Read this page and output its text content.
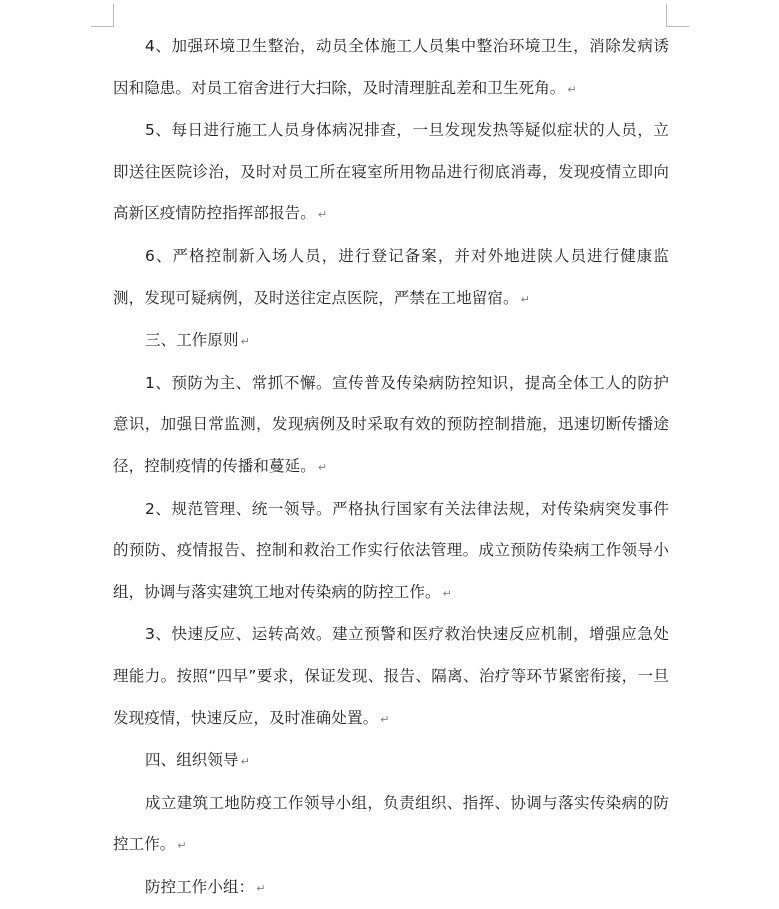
4、加强环境卫生整治，动员全体施工人员集中整治环境卫生，消除发病诱因和隐患。对员工宿舍进行大扫除，及时清理脏乱差和卫生死角。 ↵

5、每日进行施工人员身体病况排查，一旦发现发热等疑似症状的人员，立即送往医院诊治，及时对员工所在寝室所用物品进行彻底消毒，发现疫情立即向高新区疫情防控指挥部报告。 ↵

6、严格控制新入场人员，进行登记备案，并对外地进陕人员进行健康监测，发现可疑病例，及时送往定点医院，严禁在工地留宿。 ↵

三、工作原则 ↵

1、预防为主、常抓不懈。宣传普及传染病防控知识，提高全体工人的防护意识，加强日常监测，发现病例及时采取有效的预防控制措施，迅速切断传播途径，控制疫情的传播和蔓延。 ↵

2、规范管理、统一领导。严格执行国家有关法律法规，对传染病突发事件的预防、疫情报告、控制和救治工作实行依法管理。成立预防传染病工作领导小组，协调与落实建筑工地对传染病的防控工作。 ↵

3、快速反应、运转高效。建立预警和医疗救治快速反应机制，增强应急处理能力。按照“四早”要求，保证发现、报告、隔离、治疗等环节紧密衔接，一旦发现疫情，快速反应，及时准确处置。 ↵

四、组织领导 ↵

成立建筑工地防疫工作领导小组，负责组织、指挥、协调与落实传染病的防控工作。 ↵

防控工作小组： ↵
